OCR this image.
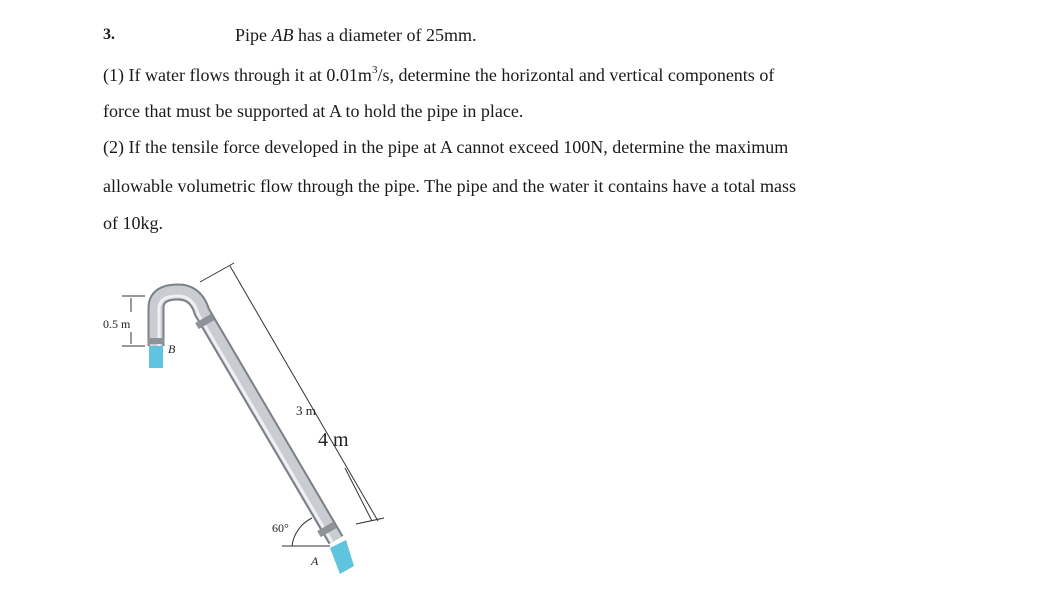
3.	Pipe AB has a diameter of 25mm.
(1) If water flows through it at $0.01m^3/s$, determine the horizontal and vertical components of
force that must be supported at A to hold the pipe in place.
(2) If the tensile force developed in the pipe at A cannot exceed 100N, determine the maximum
allowable volumetric flow through the pipe. The pipe and the water it contains have a total mass
of 10kg.
0.5 m
60°
B
A
3 m
4 m
